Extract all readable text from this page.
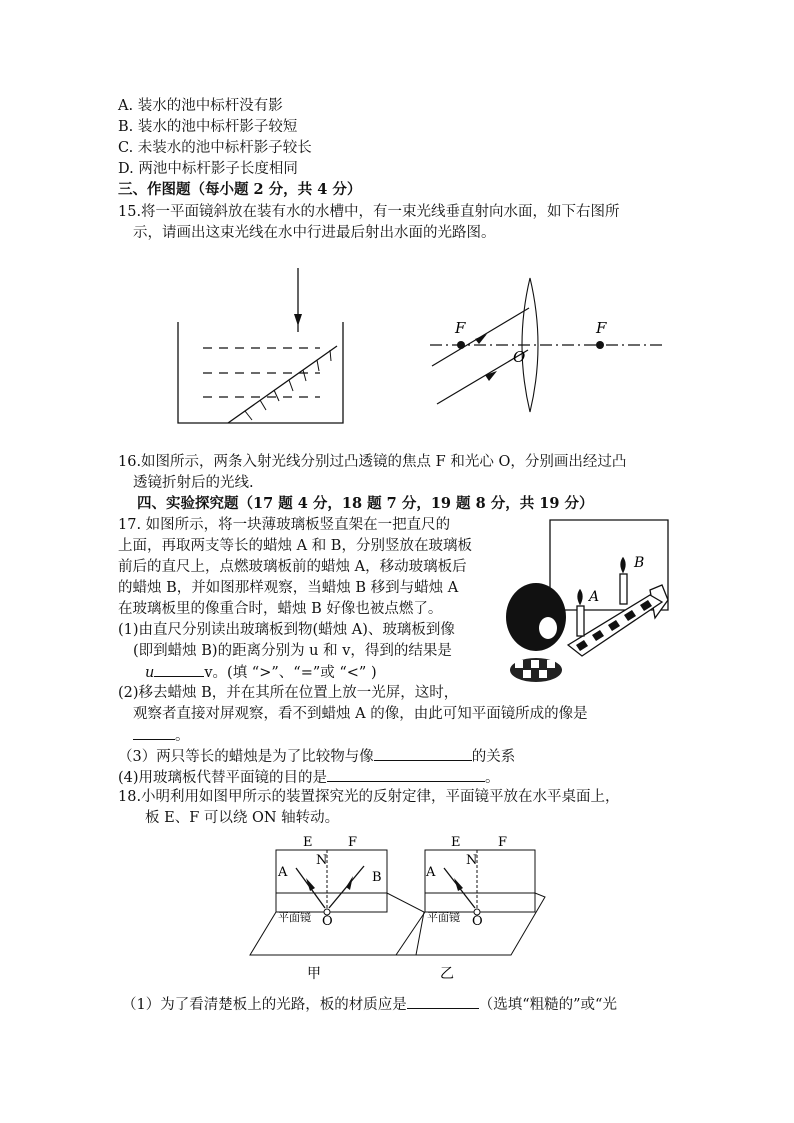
A. 装水的池中标杆没有影
B. 装水的池中标杆影子较短
C. 未装水的池中标杆影子较长
D. 两池中标杆影子长度相同
三、作图题（每小题 2 分，共 4 分）
15.将一平面镜斜放在装有水的水槽中，有一束光线垂直射向水面，如下右图所
示，请画出这束光线在水中行进最后射出水面的光路图。
F
O
F
16.如图所示，两条入射光线分别过凸透镜的焦点 F 和光心 O，分别画出经过凸
透镜折射后的光线.
四、实验探究题（17 题 4 分，18 题 7 分，19 题 8 分，共 19 分）
17. 如图所示，将一块薄玻璃板竖直架在一把直尺的
上面，再取两支等长的蜡烛 A 和 B，分别竖放在玻璃板
前后的直尺上，点燃玻璃板前的蜡烛 A，移动玻璃板后
的蜡烛 B，并如图那样观察，当蜡烛 B 移到与蜡烛 A
在玻璃板里的像重合时，蜡烛 B 好像也被点燃了。
(1)由直尺分别读出玻璃板到物(蜡烛 A)、玻璃板到像
(即到蜡烛 B)的距离分别为 u 和 v，得到的结果是
u	v。(填 “>”、“=”或 “<” )
(2)移去蜡烛 B，并在其所在位置上放一光屏，这时，
观察者直接对屏观察，看不到蜡烛 A 的像，由此可知平面镜所成的像是
。
（3）两只等长的蜡烛是为了比较物与像	的关系
(4)用玻璃板代替平面镜的目的是	。
A
B
18.小明利用如图甲所示的装置探究光的反射定律，平面镜平放在水平桌面上，
板 E、F 可以绕 ON 轴转动。
E	F
N
A	B
平面镜 O
甲
E	F
N
A
平面镜 O
乙
（1）为了看清楚板上的光路，板的材质应是	（选填“粗糙的”或“光
